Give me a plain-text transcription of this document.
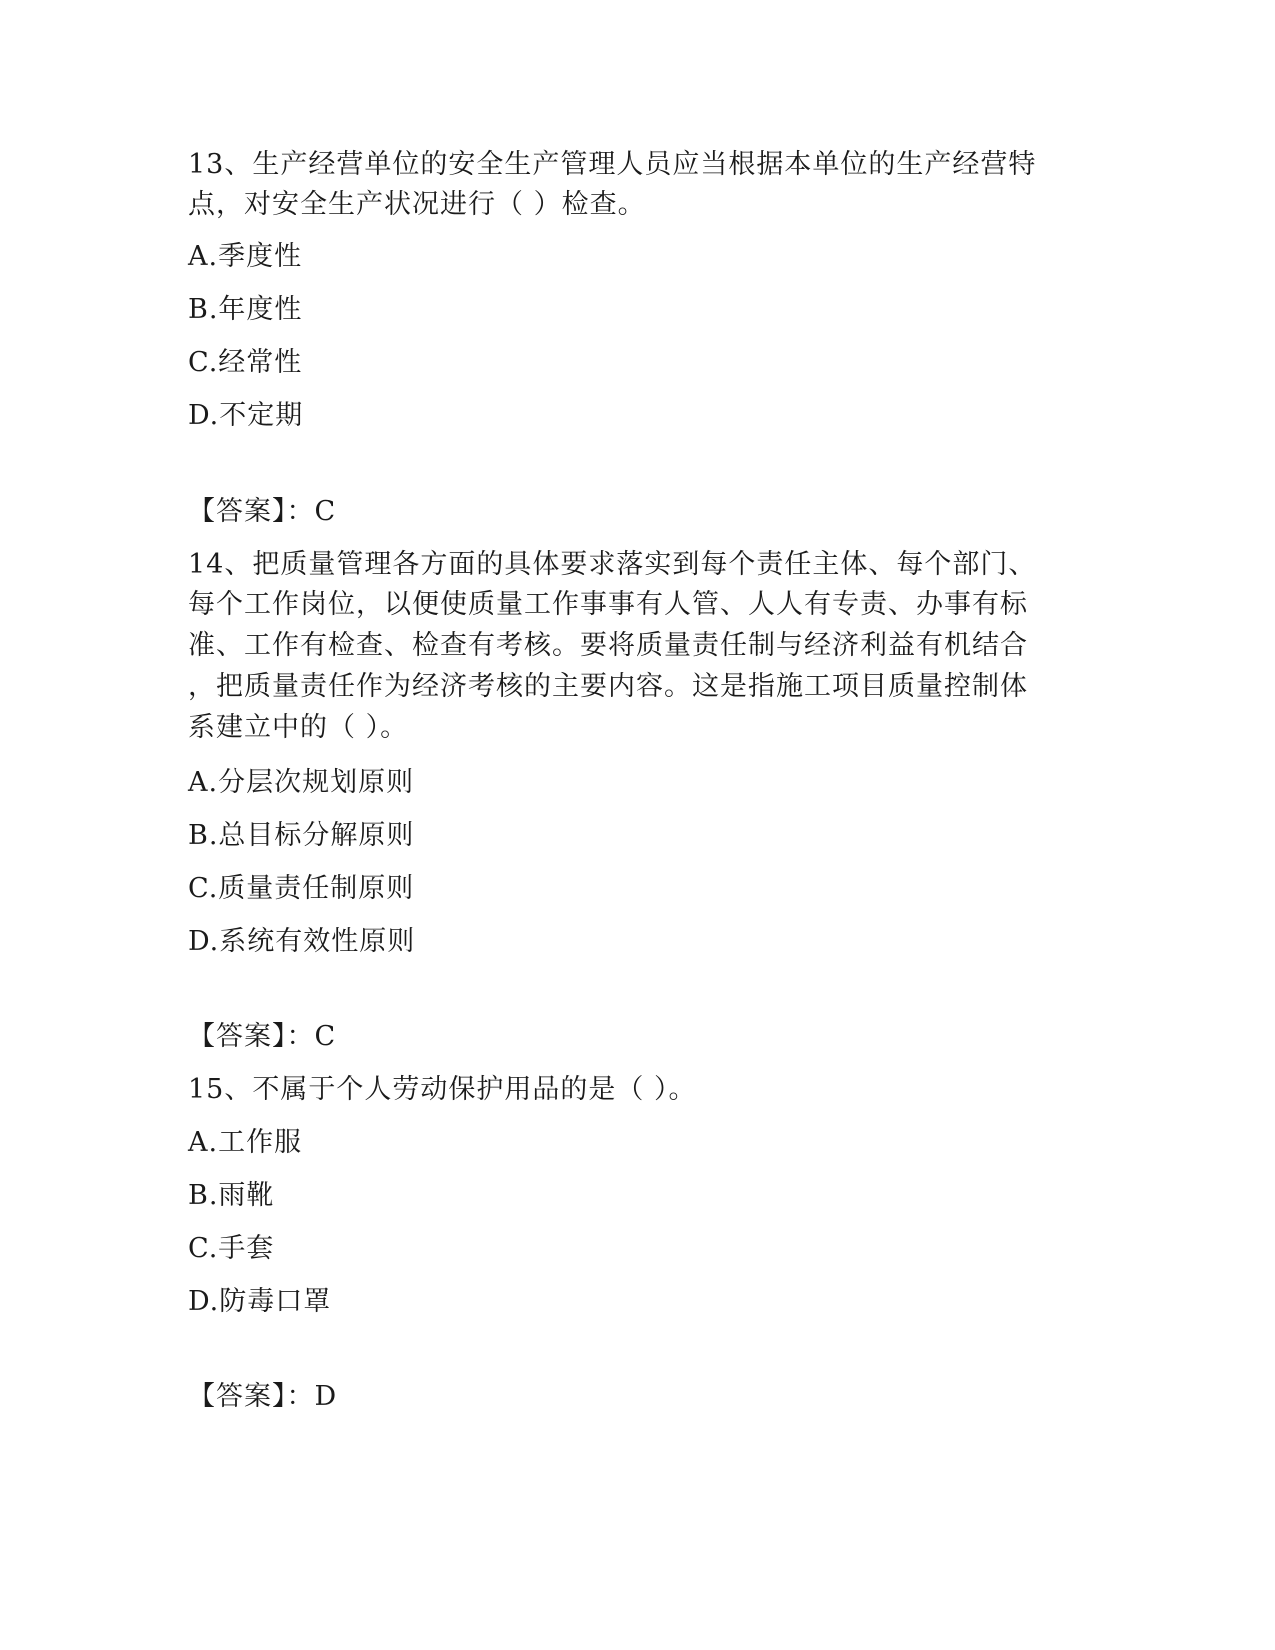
13、生产经营单位的安全生产管理人员应当根据本单位的生产经营特
点，对安全生产状况进行（ ）检查。
A.季度性
B.年度性
C.经常性
D.不定期
【答案】：C
14、把质量管理各方面的具体要求落实到每个责任主体、每个部门、
每个工作岗位，以便使质量工作事事有人管、人人有专责、办事有标
准、工作有检查、检查有考核。要将质量责任制与经济利益有机结合
，把质量责任作为经济考核的主要内容。这是指施工项目质量控制体
系建立中的（ ）。
A.分层次规划原则
B.总目标分解原则
C.质量责任制原则
D.系统有效性原则
【答案】：C
15、不属于个人劳动保护用品的是（ ）。
A.工作服
B.雨靴
C.手套
D.防毒口罩
【答案】：D
